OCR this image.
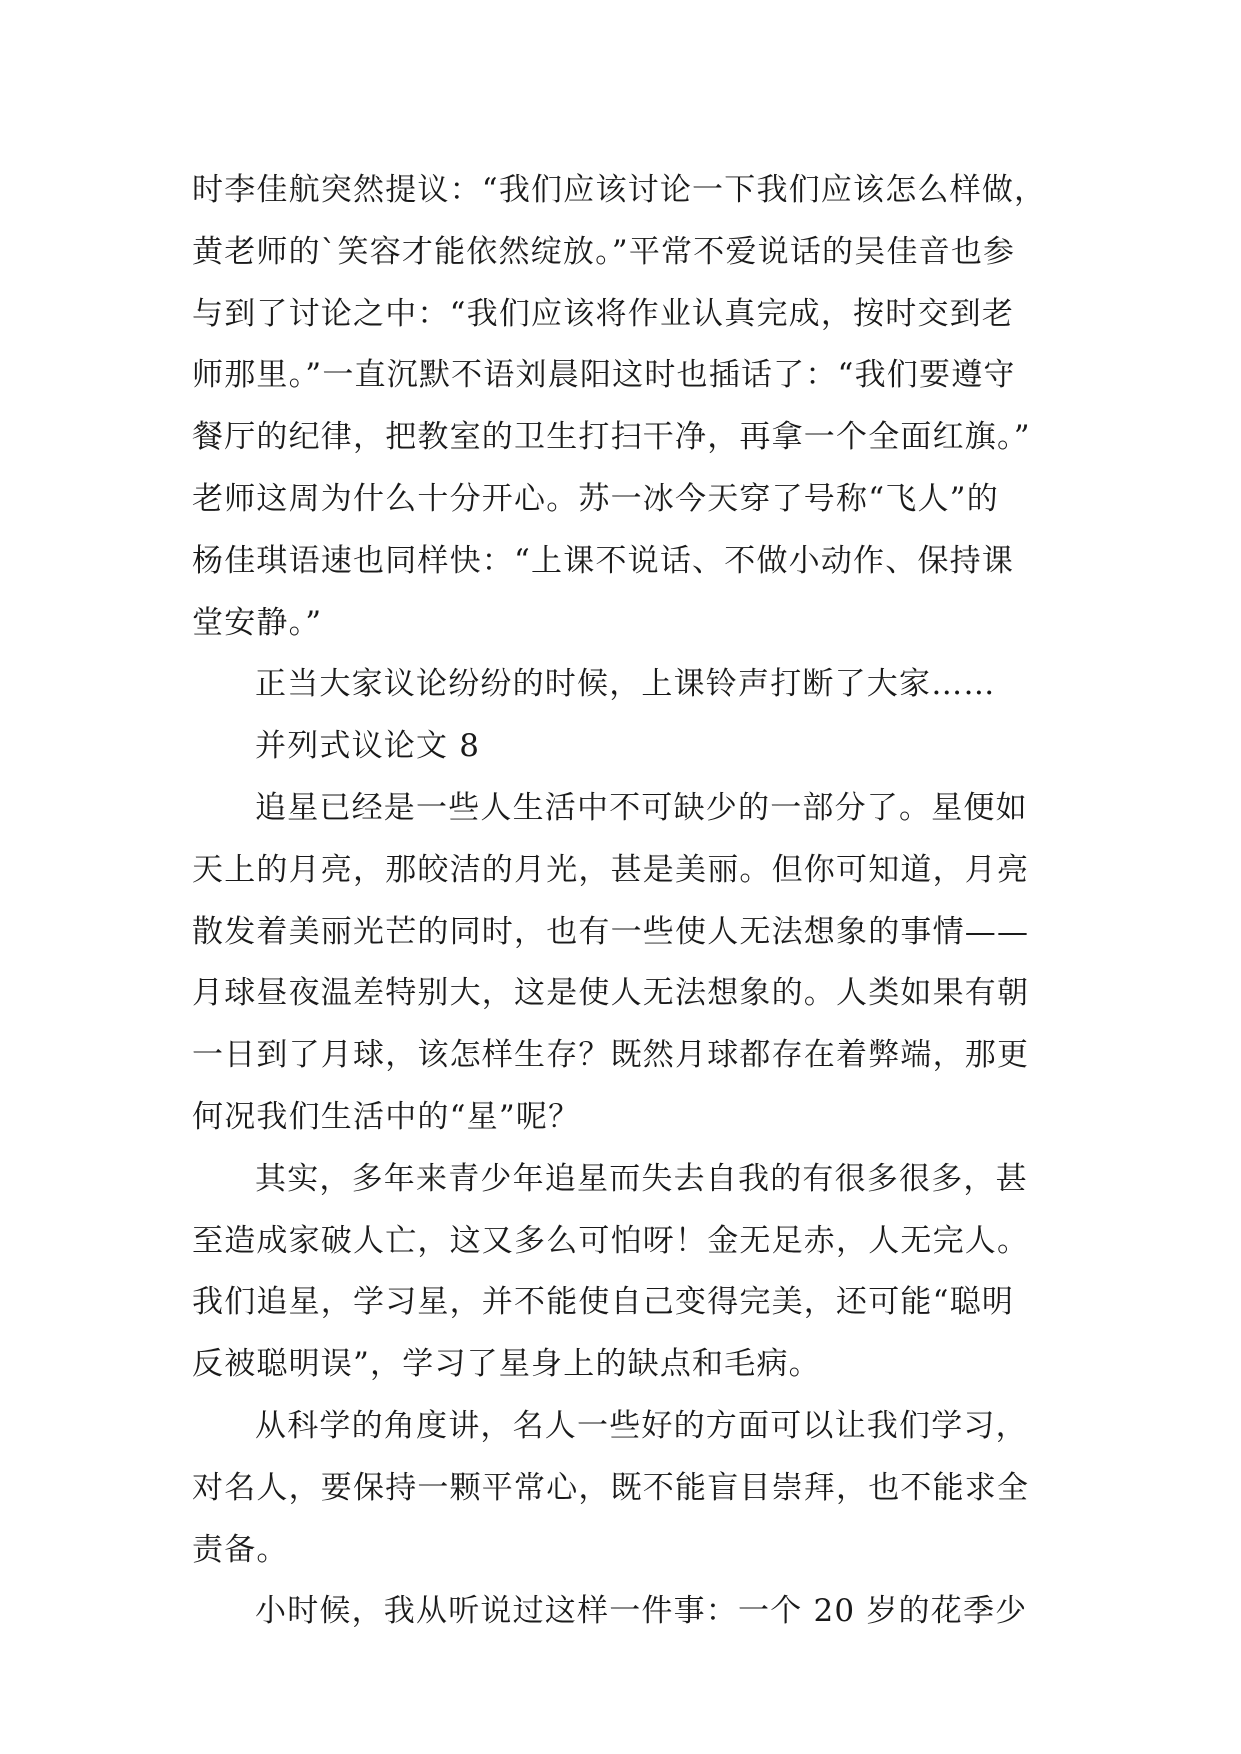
时李佳航突然提议：“我们应该讨论一下我们应该怎么样做，
黄老师的`笑容才能依然绽放。”平常不爱说话的吴佳音也参
与到了讨论之中：“我们应该将作业认真完成，按时交到老
师那里。”一直沉默不语刘晨阳这时也插话了：“我们要遵守
餐厅的纪律，把教室的卫生打扫干净，再拿一个全面红旗。”
老师这周为什么十分开心。苏一冰今天穿了号称“飞人”的
杨佳琪语速也同样快：“上课不说话、不做小动作、保持课
堂安静。”
正当大家议论纷纷的时候，上课铃声打断了大家……
并列式议论文 8
追星已经是一些人生活中不可缺少的一部分了。星便如
天上的月亮，那皎洁的月光，甚是美丽。但你可知道，月亮
散发着美丽光芒的同时，也有一些使人无法想象的事情——
月球昼夜温差特别大，这是使人无法想象的。人类如果有朝
一日到了月球，该怎样生存？既然月球都存在着弊端，那更
何况我们生活中的“星”呢？
其实，多年来青少年追星而失去自我的有很多很多，甚
至造成家破人亡，这又多么可怕呀！金无足赤，人无完人。
我们追星，学习星，并不能使自己变得完美，还可能“聪明
反被聪明误”，学习了星身上的缺点和毛病。
从科学的角度讲，名人一些好的方面可以让我们学习，
对名人，要保持一颗平常心，既不能盲目崇拜，也不能求全
责备。
小时候，我从听说过这样一件事：一个 20 岁的花季少
